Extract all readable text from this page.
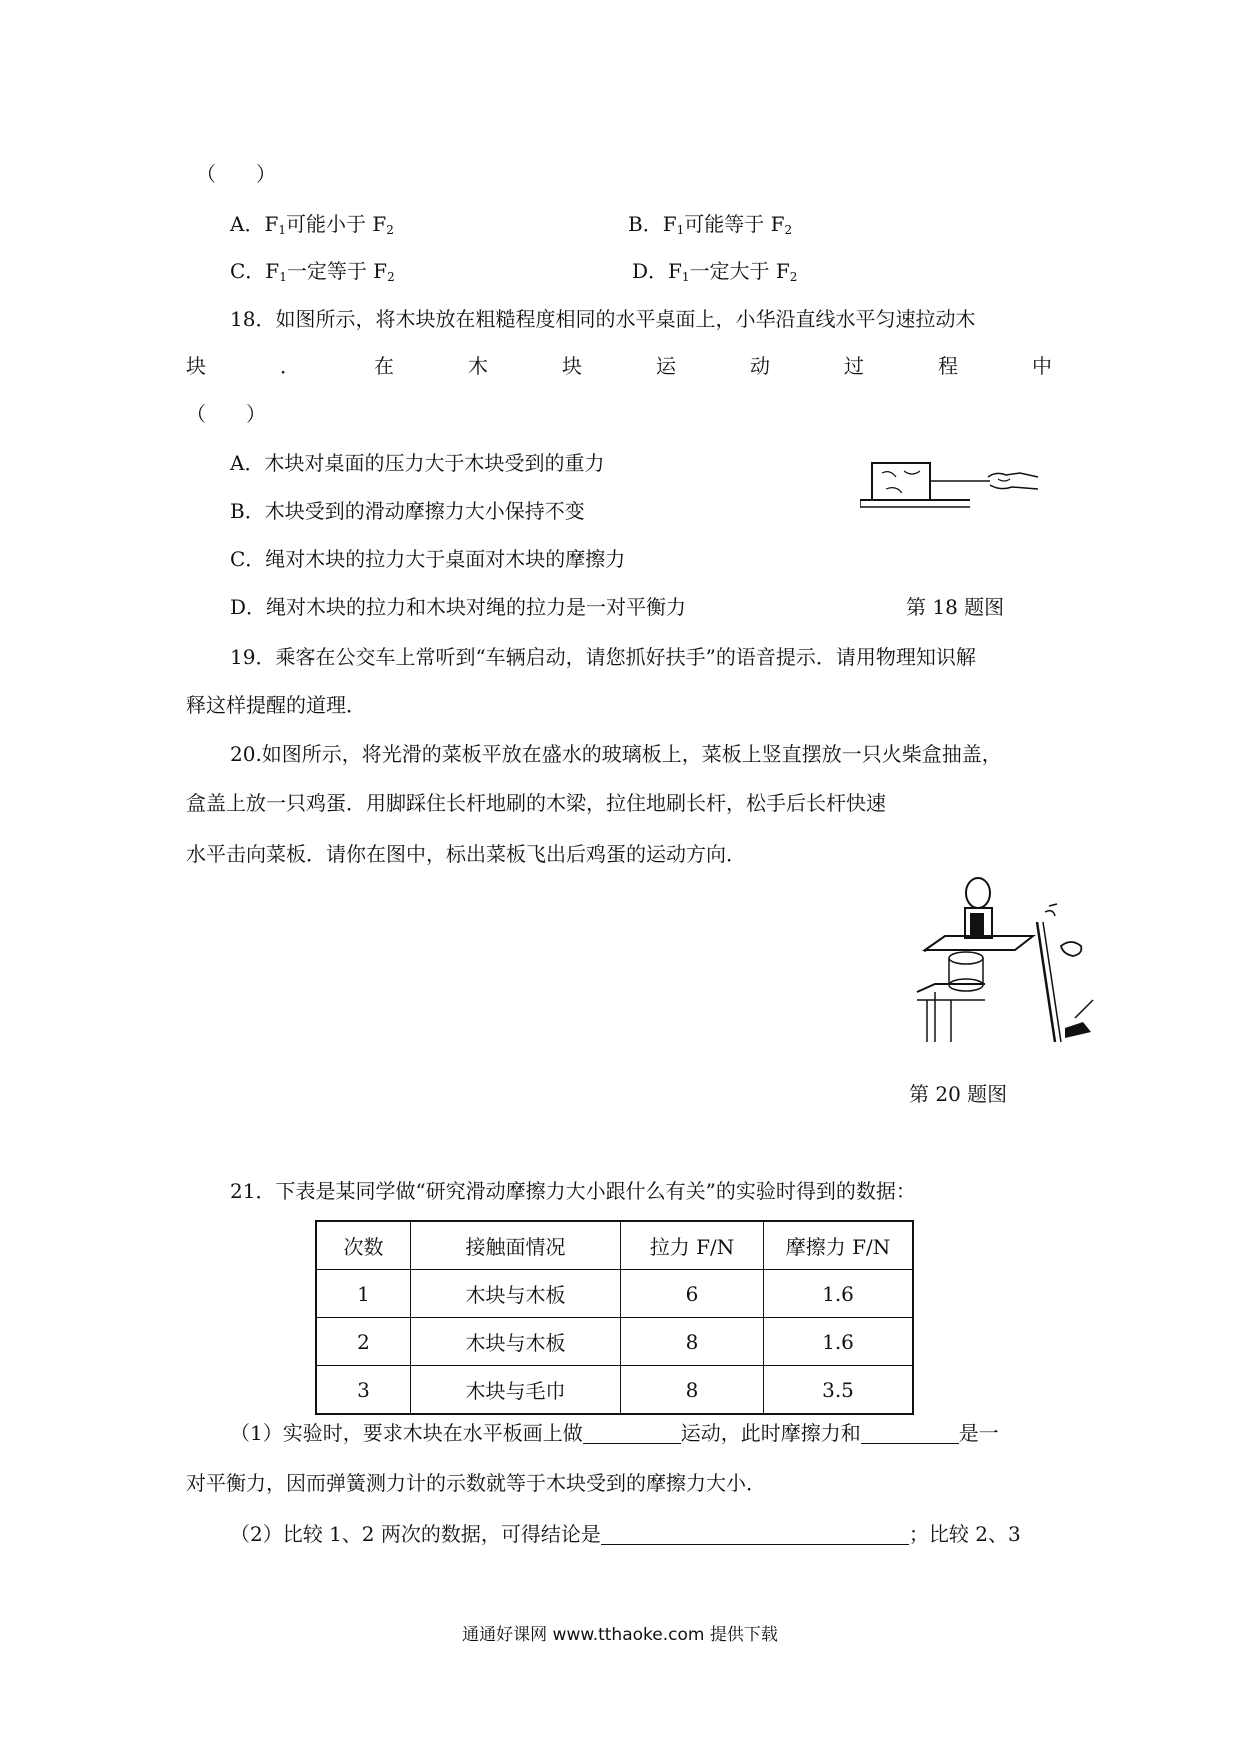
（　　）
A．$F_1$可能小于 $F_2$	B．$F_1$可能等于 $F_2$
C．$F_1$一定等于 $F_2$	D．$F_1$一定大于 $F_2$
18．如图所示，将木块放在粗糙程度相同的水平桌面上，小华沿直线水平匀速拉动木
块	．	在	木	块	运	动	过	程	中
（　　）
A．木块对桌面的压力大于木块受到的重力
B．木块受到的滑动摩擦力大小保持不变
C．绳对木块的拉力大于桌面对木块的摩擦力
D．绳对木块的拉力和木块对绳的拉力是一对平衡力	第 18 题图
19．乘客在公交车上常听到“车辆启动，请您抓好扶手”的语音提示．请用物理知识解
释这样提醒的道理．
20.如图所示，将光滑的菜板平放在盛水的玻璃板上，菜板上竖直摆放一只火柴盒抽盖，
盒盖上放一只鸡蛋．用脚踩住长杆地刷的木梁，拉住地刷长杆，松手后长杆快速
水平击向菜板．请你在图中，标出菜板飞出后鸡蛋的运动方向．
第 20 题图
21．下表是某同学做“研究滑动摩擦力大小跟什么有关”的实验时得到的数据：
次数	接触面情况	拉力 F/N	摩擦力 F/N
1	木块与木板	6	1.6
2	木块与木板	8	1.6
3	木块与毛巾	8	3.5
（1）实验时，要求木块在水平板画上做	运动，此时摩擦力和	是一
对平衡力，因而弹簧测力计的示数就等于木块受到的摩擦力大小．
（2）比较 1、2 两次的数据，可得结论是	；比较 2、3
通通好课网 www.tthaoke.com 提供下载
